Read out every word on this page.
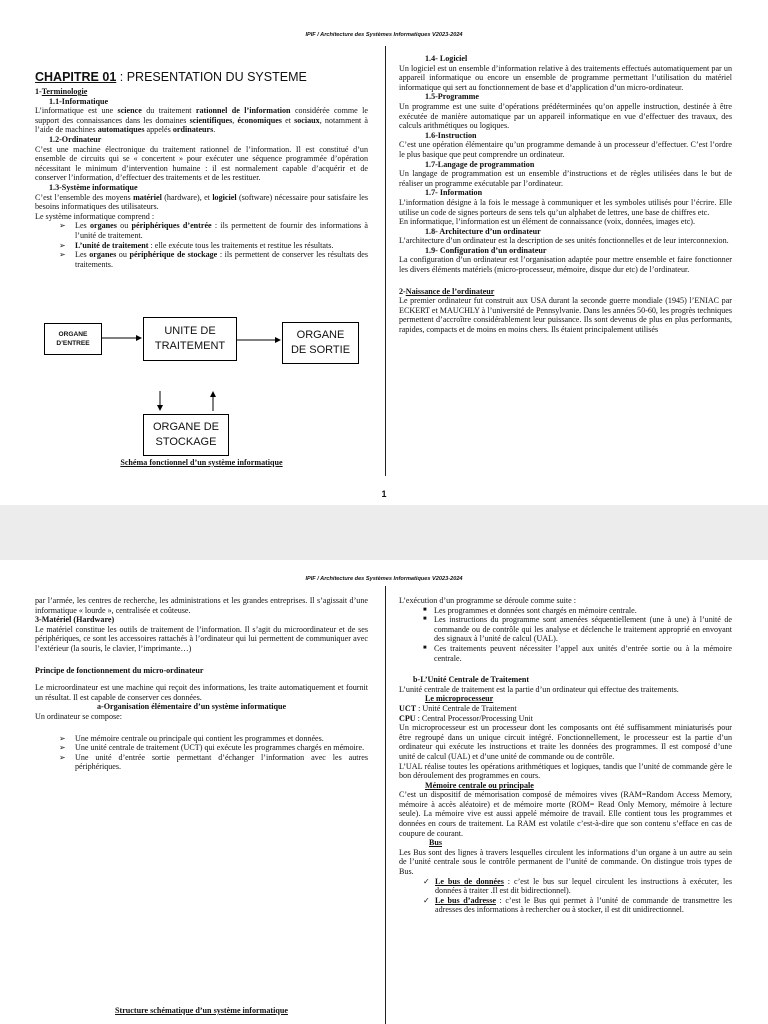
IPIF / Architecture des Systèmes Informatiques V2023-2024
CHAPITRE 01 : PRESENTATION DU SYSTEME

1-Terminologie

1.1-Informatique

L’informatique est une science du traitement rationnel de l’information considérée comme le support des connaissances dans les domaines scientifiques, économiques et sociaux, notamment à l’aide de machines automatiques appelés ordinateurs.

1.2-Ordinateur

C’est une machine électronique du traitement rationnel de l’information. Il est constitué d’un ensemble de circuits qui se « concertent » pour exécuter une séquence programmée d’opération nécessitant le minimum d’intervention humaine : il est normalement capable d’acquérir et de conserver l’information, d’effectuer des traitements et de les restituer.

1.3-Système informatique

C’est l’ensemble des moyens matériel (hardware), et logiciel (software) nécessaire pour satisfaire les besoins informatiques des utilisateurs.

Le système informatique comprend :

➢ Les organes ou périphériques d’entrée : ils permettent de fournir des informations à l’unité de traitement.
➢ L’unité de traitement : elle exécute tous les traitements et restitue les résultats.
➢ Les organes ou périphérique de stockage : ils permettent de conserver les résultats des traitements.
ORGANE
D’ENTREE
UNITE DE
TRAITEMENT
ORGANE
DE SORTIE
ORGANE DE
STOCKAGE
Schéma fonctionnel d’un système informatique

1.4- Logiciel

Un logiciel est un ensemble d’information relative à des traitements effectués automatiquement par un appareil informatique ou encore un ensemble de programme permettant l’utilisation du matériel informatique qui sert au fonctionnement de base et d’application d’un micro-ordinateur.

1.5-Programme

Un programme est une suite d’opérations prédéterminées qu’on appelle instruction, destinée à être exécutée de manière automatique par un appareil informatique en vue d’effectuer des travaux, des calculs arithmétiques ou logiques.

1.6-Instruction

C’est une opération élémentaire qu’un programme demande à un processeur d’effectuer. C’est l’ordre le plus basique que peut comprendre un ordinateur.

1.7-Langage de programmation

Un langage de programmation est un ensemble d’instructions et de règles utilisées dans le but de réaliser un programme exécutable par l’ordinateur.

1.7- Information

L’information désigne à la fois le message à communiquer et les symboles utilisés pour l’écrire. Elle utilise un code de signes porteurs de sens tels qu’un alphabet de lettres, une base de chiffres etc.

En informatique, l’information est un élément de connaissance (voix, données, images etc).

1.8- Architecture d’un ordinateur

L’architecture d’un ordinateur est la description de ses unités fonctionnelles et de leur interconnexion.

1.9- Configuration d’un ordinateur

La configuration d’un ordinateur est l’organisation adaptée pour mettre ensemble et faire fonctionner les divers éléments matériels (micro-processeur, mémoire, disque dur etc) de l’ordinateur.

2-Naissance de l’ordinateur

Le premier ordinateur fut construit aux USA durant la seconde guerre mondiale (1945) l’ENIAC par ECKERT et MAUCHLY à l’université de Pennsylvanie. Dans les années 50-60, les progrès techniques permettent d’accroître considérablement leur puissance. Ils sont devenus de plus en plus performants, rapides, compacts et de moins en moins chers. Ils étaient principalement utilisés

1
IPIF / Architecture des Systèmes Informatiques V2023-2024

par l’armée, les centres de recherche, les administrations et les grandes entreprises. Il s’agissait d’une informatique « lourde », centralisée et coûteuse.

3-Matériel (Hardware)

Le matériel constitue les outils de traitement de l’information. Il s’agit du microordinateur et de ses périphériques, ce sont les accessoires rattachés à l’ordinateur qui lui permettent de communiquer avec l’extérieur (la souris, le clavier, l’imprimante…)

Principe de fonctionnement du micro-ordinateur

Le microordinateur est une machine qui reçoit des informations, les traite automatiquement et fournit un résultat. Il est capable de conserver ces données.

a-Organisation élémentaire d’un système informatique

Un ordinateur se compose:

➢ Une mémoire centrale ou principale qui contient les programmes et données.
➢ Une unité centrale de traitement (UCT) qui exécute les programmes chargés en mémoire.
➢ Une unité d’entrée sortie permettant d’échanger l’information avec les autres périphériques.
Structure schématique d’un système informatique

L’exécution d’un programme se déroule comme suite :

■ Les programmes et données sont chargés en mémoire centrale.
■ Les instructions du programme sont amenées séquentiellement (une à une) à l’unité de commande ou de contrôle qui les analyse et déclenche le traitement approprié en envoyant des signaux à l’unité de calcul (UAL).
■ Ces traitements peuvent nécessiter l’appel aux unités d’entrée sortie ou à la mémoire centrale.

b-L’Unité Centrale de Traitement

L’unité centrale de traitement est la partie d’un ordinateur qui effectue des traitements.

Le microprocesseur

UCT : Unité Centrale de Traitement

CPU : Central Processor/Processing Unit

Un microprocesseur est un processeur dont les composants ont été suffisamment miniaturisés pour être regroupé dans un unique circuit intégré. Fonctionnellement, le processeur est la partie d’un ordinateur qui exécute les instructions et traite les données des programmes. Il est composé d’une unité de calcul (UAL) et d’une unité de commande ou de contrôle.

L’UAL réalise toutes les opérations arithmétiques et logiques, tandis que l’unité de commande gère le bon déroulement des programmes en cours.

Mémoire centrale ou principale

C’est un dispositif de mémorisation composé de mémoires vives (RAM=Random Access Memory, mémoire à accès aléatoire) et de mémoire morte (ROM= Read Only Memory, mémoire à lecture seule). La mémoire vive est aussi appelé mémoire de travail. Elle contient tous les programmes et données en cours de traitement. La RAM est volatile c’est-à-dire que son contenu s’efface en cas de coupure de courant.

Bus

Les Bus sont des lignes à travers lesquelles circulent les informations d’un organe à un autre au sein de l’unité centrale sous le contrôle permanent de l’unité de commande. On distingue trois types de Bus.

✓ Le bus de données : c’est le bus sur lequel circulent les instructions à exécuter, les données à traiter .Il est dit bidirectionnel).
✓ Le bus d’adresse : c’est le Bus qui permet à l’unité de commande de transmettre les adresses des informations à rechercher ou à stocker, il est dit unidirectionnel.
